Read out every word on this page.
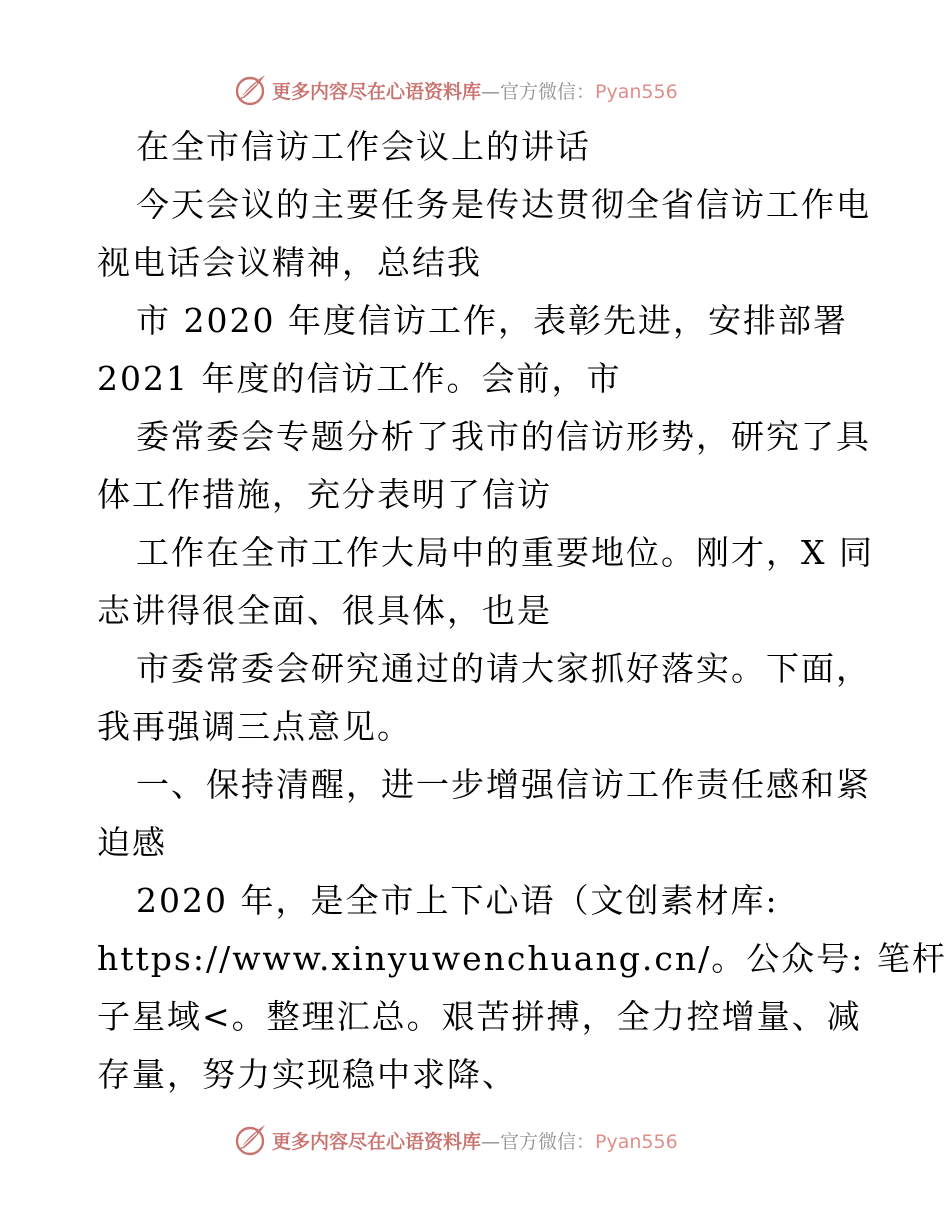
更多内容尽在心语资料库—官方微信：Pyan556
在全市信访工作会议上的讲话
今天会议的主要任务是传达贯彻全省信访工作电
视电话会议精神，总结我
市 2020 年度信访工作，表彰先进，安排部署
2021 年度的信访工作。会前，市
委常委会专题分析了我市的信访形势，研究了具
体工作措施，充分表明了信访
工作在全市工作大局中的重要地位。刚才，X 同
志讲得很全面、很具体，也是
市委常委会研究通过的请大家抓好落实。下面，
我再强调三点意见。
一、保持清醒，进一步增强信访工作责任感和紧
迫感
2020 年，是全市上下心语（文创素材库:
https://www.xinyuwenchuang.cn/。公众号: 笔杆
子星域<。整理汇总。艰苦拼搏，全力控增量、减
存量，努力实现稳中求降、
更多内容尽在心语资料库—官方微信：Pyan556
